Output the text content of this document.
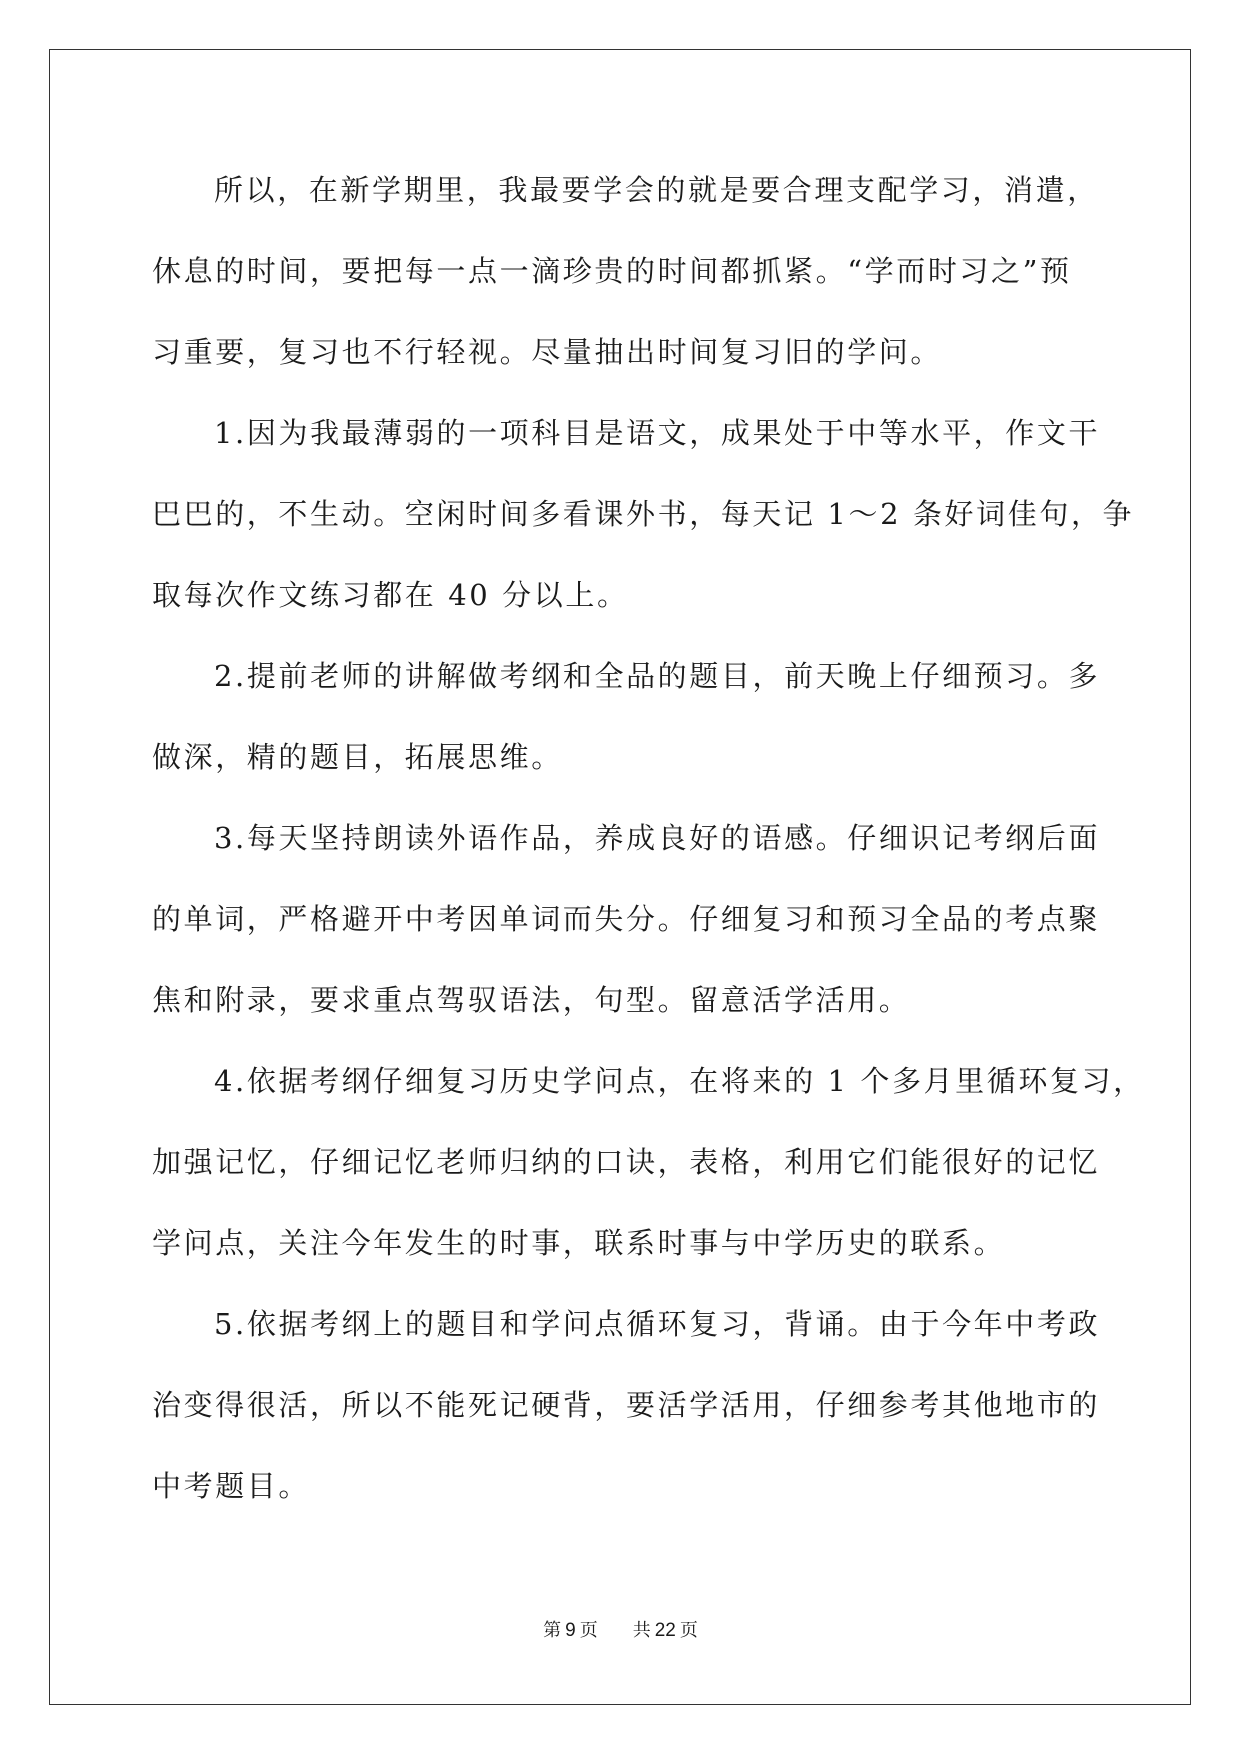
所以，在新学期里，我最要学会的就是要合理支配学习，消遣，
休息的时间，要把每一点一滴珍贵的时间都抓紧。“学而时习之”预
习重要，复习也不行轻视。尽量抽出时间复习旧的学问。
1.因为我最薄弱的一项科目是语文，成果处于中等水平，作文干
巴巴的，不生动。空闲时间多看课外书，每天记 1～2 条好词佳句，争
取每次作文练习都在 40 分以上。
2.提前老师的讲解做考纲和全品的题目，前天晚上仔细预习。多
做深，精的题目，拓展思维。
3.每天坚持朗读外语作品，养成良好的语感。仔细识记考纲后面
的单词，严格避开中考因单词而失分。仔细复习和预习全品的考点聚
焦和附录，要求重点驾驭语法，句型。留意活学活用。
4.依据考纲仔细复习历史学问点，在将来的 1 个多月里循环复习，
加强记忆，仔细记忆老师归纳的口诀，表格，利用它们能很好的记忆
学问点，关注今年发生的时事，联系时事与中学历史的联系。
5.依据考纲上的题目和学问点循环复习，背诵。由于今年中考政
治变得很活，所以不能死记硬背，要活学活用，仔细参考其他地市的
中考题目。
第 9 页 共 22 页
